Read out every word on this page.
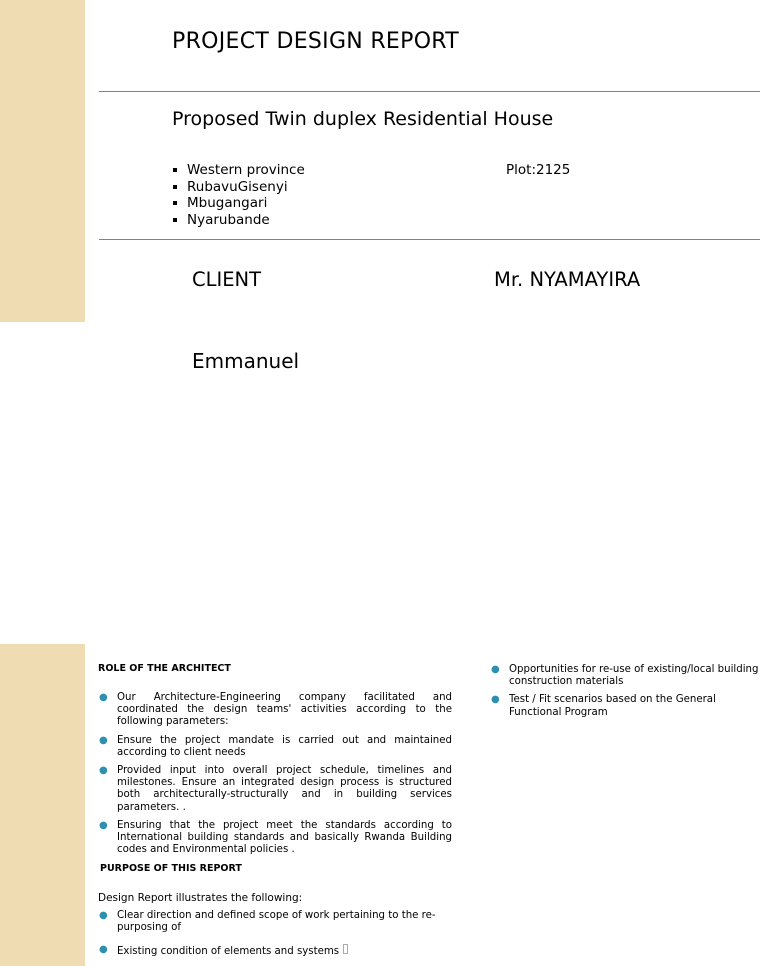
PROJECT DESIGN REPORT
Proposed Twin duplex Residential House
Western province
RubavuGisenyi
Mbugangari
Nyarubande
Plot:2125
CLIENT	Mr. NYAMAYIRA
Emmanuel
ROLE OF THE ARCHITECT
● Our Architecture-Engineering company facilitated and coordinated the design teams' activities according to the following parameters:
● Ensure the project mandate is carried out and maintained according to client needs
● Provided input into overall project schedule, timelines and milestones. Ensure an integrated design process is structured both architecturally-structurally and in building services parameters. .
● Ensuring that the project meet the standards according to International building standards and basically Rwanda Building codes and Environmental policies .
PURPOSE OF THIS REPORT
Design Report illustrates the following:
● Clear direction and defined scope of work pertaining to the re-purposing of
● Existing condition of elements and systems
● Opportunities for re-use of existing/local building construction materials
● Test / Fit scenarios based on the General Functional Program
